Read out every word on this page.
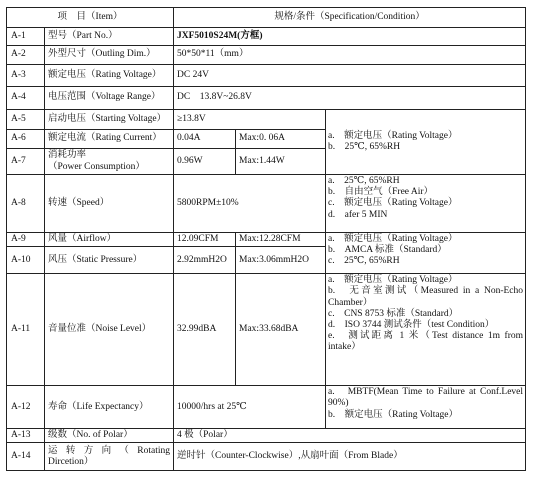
项　目（Item）		规格/条件（Specification/Condition）		
A-1	型号（Part No.）	JXF5010S24M(方框)		
A-2	外型尺寸（Outling Dim.）	50*50*11（mm）		
A-3	额定电压（Rating Voltage）	DC 24V		
A-4	电压范围（Voltage Range）	DC　13.8V~26.8V		
A-5	启动电压（Starting Voltage）	≥13.8V		a.　额定电压（Rating Voltage）
b.　25℃, 65%RH

A-6	额定电流（Rating Current）	0.04A	Max:0. 06A	
A-7	消耗功率
（Power Consumption）	0.96W	Max:1.44W	
A-8	转速（Speed）	5800RPM±10%		a.　25℃, 65%RH
b.　自由空气（Free Air）
c.　额定电压（Rating Voltage）
d.　afer 5 MIN

A-9	风量（Airflow）	12.09CFM	Max:12.28CFM	a.　额定电压（Rating Voltage）
b.　AMCA 标准（Standard）
c.　25℃, 65%RH

A-10	风压（Static Pressure）	2.92mmH2O	Max:3.06mmH2O	
A-11	音量位准（Noise Level）	32.99dBA	Max:33.68dBA	a.　额定电压（Rating Voltage）
b.　无音室测试（Measured in a Non-Echo Chamber）
c.　CNS 8753 标准（Standard）
d.　ISO 3744 测试条件（test Condition）
e.　测试距离 1 米（Test distance 1m from intake）

A-12	寿命（Life Expectancy）	10000/hrs at 25℃		a.　MBTF(Mean Time to Failure at Conf.Level 90%)
b.　额定电压（Rating Voltage）

A-13	级数（No. of Polar）	4 极（Polar）		
A-14	运转方向（Rotating Dircetion）	逆时针（Counter-Clockwise）,从扇叶面（From Blade）		
